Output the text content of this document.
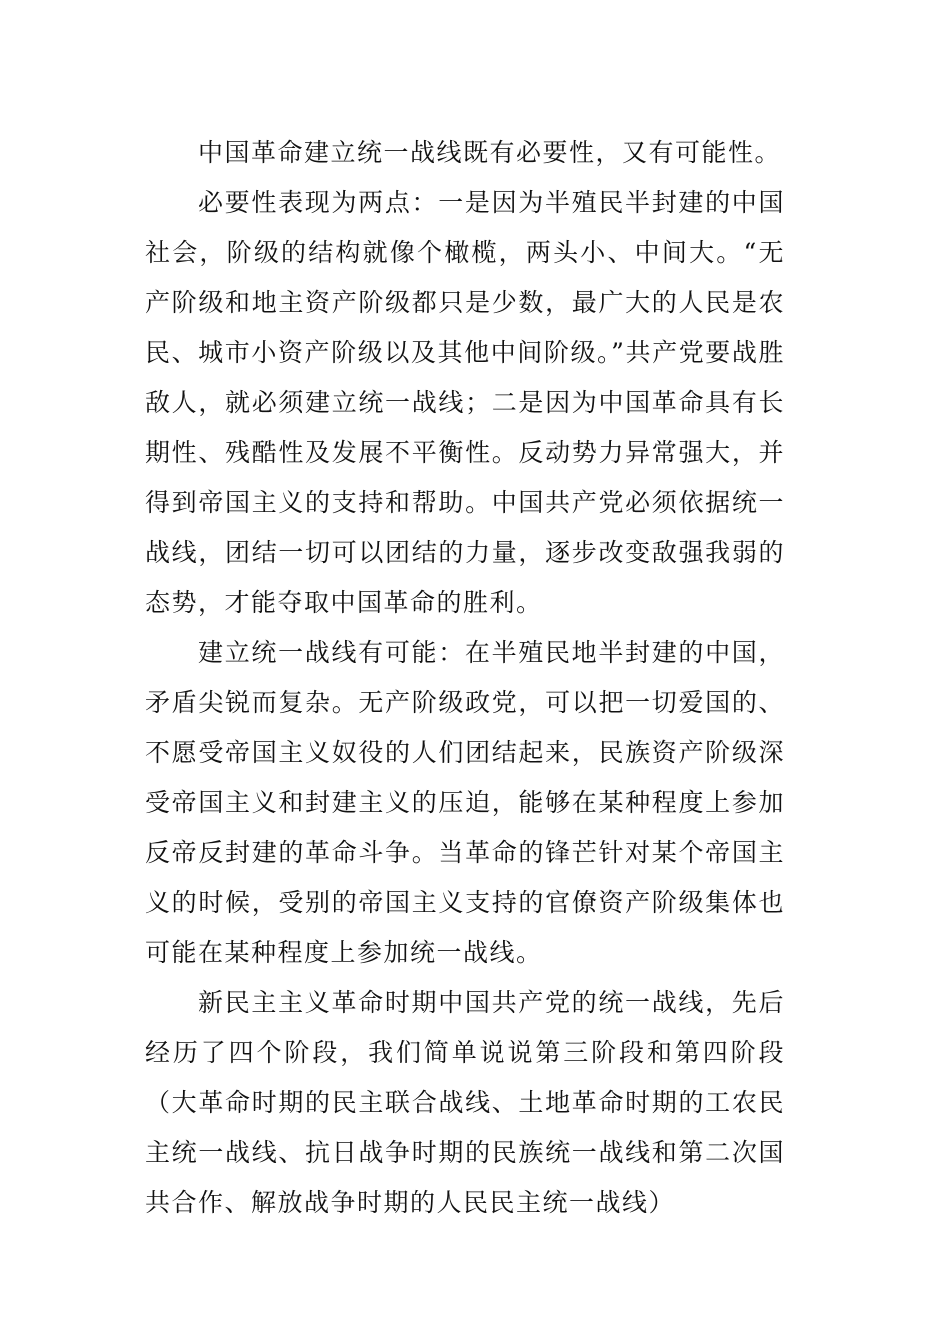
中国革命建立统一战线既有必要性，又有可能性。

必要性表现为两点：一是因为半殖民半封建的中国社会，阶级的结构就像个橄榄，两头小、中间大。“无产阶级和地主资产阶级都只是少数，最广大的人民是农民、城市小资产阶级以及其他中间阶级。”共产党要战胜敌人，就必须建立统一战线；二是因为中国革命具有长期性、残酷性及发展不平衡性。反动势力异常强大，并得到帝国主义的支持和帮助。中国共产党必须依据统一战线，团结一切可以团结的力量，逐步改变敌强我弱的态势，才能夺取中国革命的胜利。

建立统一战线有可能：在半殖民地半封建的中国，矛盾尖锐而复杂。无产阶级政党，可以把一切爱国的、不愿受帝国主义奴役的人们团结起来，民族资产阶级深受帝国主义和封建主义的压迫，能够在某种程度上参加反帝反封建的革命斗争。当革命的锋芒针对某个帝国主义的时候，受别的帝国主义支持的官僚资产阶级集体也可能在某种程度上参加统一战线。

新民主主义革命时期中国共产党的统一战线，先后经历了四个阶段，我们简单说说第三阶段和第四阶段（大革命时期的民主联合战线、土地革命时期的工农民主统一战线、抗日战争时期的民族统一战线和第二次国共合作、解放战争时期的人民民主统一战线）
